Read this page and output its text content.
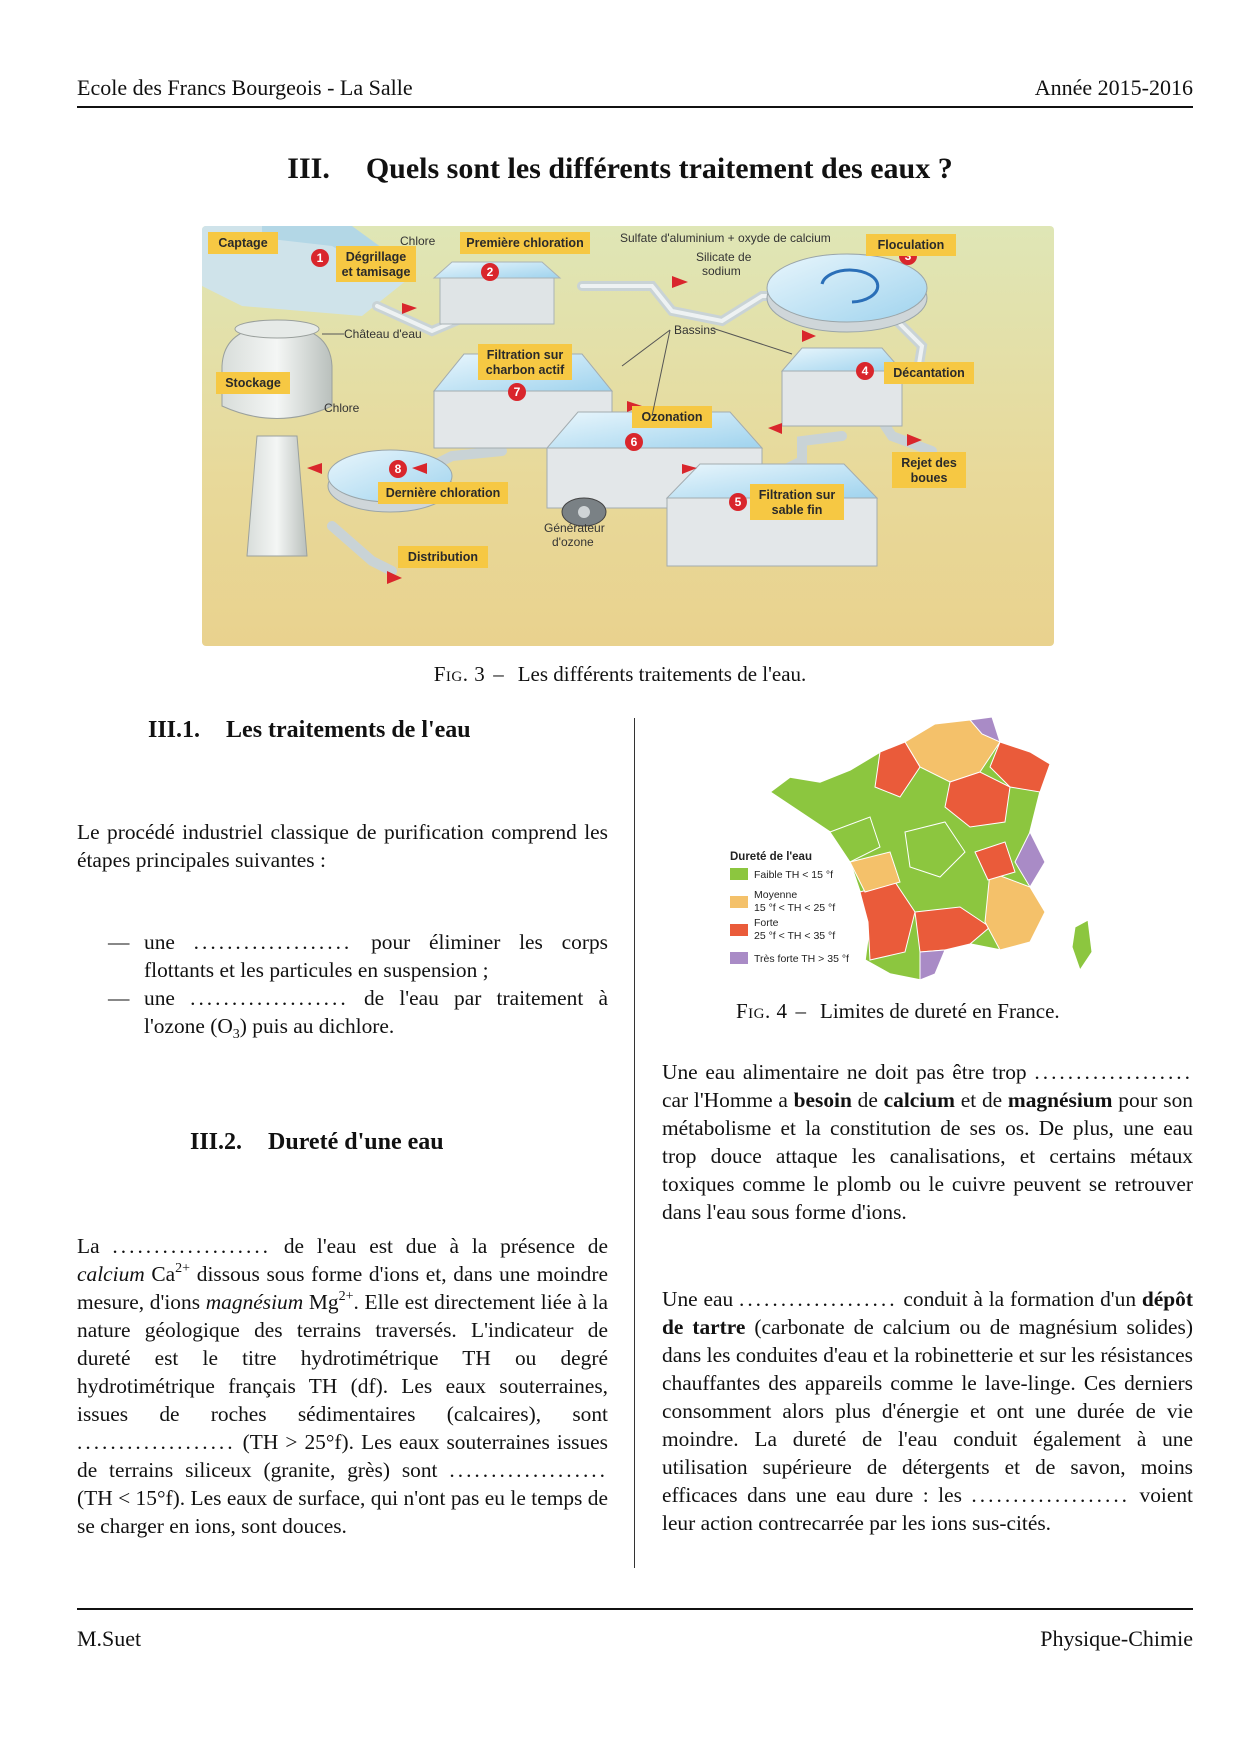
Ecole des Francs Bourgeois - La Salle	Année 2015-2016
III. Quels sont les différents traitement des eaux ?
1
2
4
5
6
7
8
Captage
Dégrillage
et tamisage
Première chloration	Floculation
Stockage
Filtration sur
charbon actif	Décantation
Ozonation
Rejet des
boues
Dernière chloration	Filtration sur
sable fin
Distribution
Chlore	Sulfate d'aluminium + oxyde de calcium
Silicate de
sodium
Château d'eau	Bassins
Chlore
Générateur
d'ozone
Fig. 3 – Les différents traitements de l'eau.
III.1. Les traitements de l'eau
Le procédé industriel classique de purification comprend les étapes principales suivantes :
— une ................... pour éliminer les corps flottants et les particules en suspension ;
— une ................... de l'eau par traitement à l'ozone $(O_3)$ puis au dichlore.
III.2. Dureté d'une eau
La ................... de l'eau est due à la présence de calcium $Ca^{2+}$ dissous sous forme d'ions et, dans une moindre mesure, d'ions magnésium $Mg^{2+}$. Elle est directement liée à la nature géologique des terrains traversés. L'indicateur de dureté est le titre hydrotimétrique TH ou degré hydrotimétrique français TH (df). Les eaux souterraines, issues de roches sédimentaires (calcaires), sont ................... (TH > 25°f). Les eaux souterraines issues de terrains siliceux (granite, grès) sont ................... (TH < 15°f). Les eaux de surface, qui n'ont pas eu le temps de se charger en ions, sont douces.
Dureté de l'eau
Faible TH < 15 °f
Moyenne
15 °f < TH < 25 °f
Forte
25 °f < TH < 35 °f
Très forte TH > 35 °f
Fig. 4 – Limites de dureté en France.
Une eau alimentaire ne doit pas être trop ................... car l'Homme a besoin de calcium et de magnésium pour son métabolisme et la constitution de ses os. De plus, une eau trop douce attaque les canalisations, et certains métaux toxiques comme le plomb ou le cuivre peuvent se retrouver dans l'eau sous forme d'ions.
Une eau ................... conduit à la formation d'un dépôt de tartre (carbonate de calcium ou de magnésium solides) dans les conduites d'eau et la robinetterie et sur les résistances chauffantes des appareils comme le lave-linge. Ces derniers consomment alors plus d'énergie et ont une durée de vie moindre. La dureté de l'eau conduit également à une utilisation supérieure de détergents et de savon, moins efficaces dans une eau dure : les ................... voient leur action contrecarrée par les ions sus-cités.
M.Suet	Physique-Chimie
